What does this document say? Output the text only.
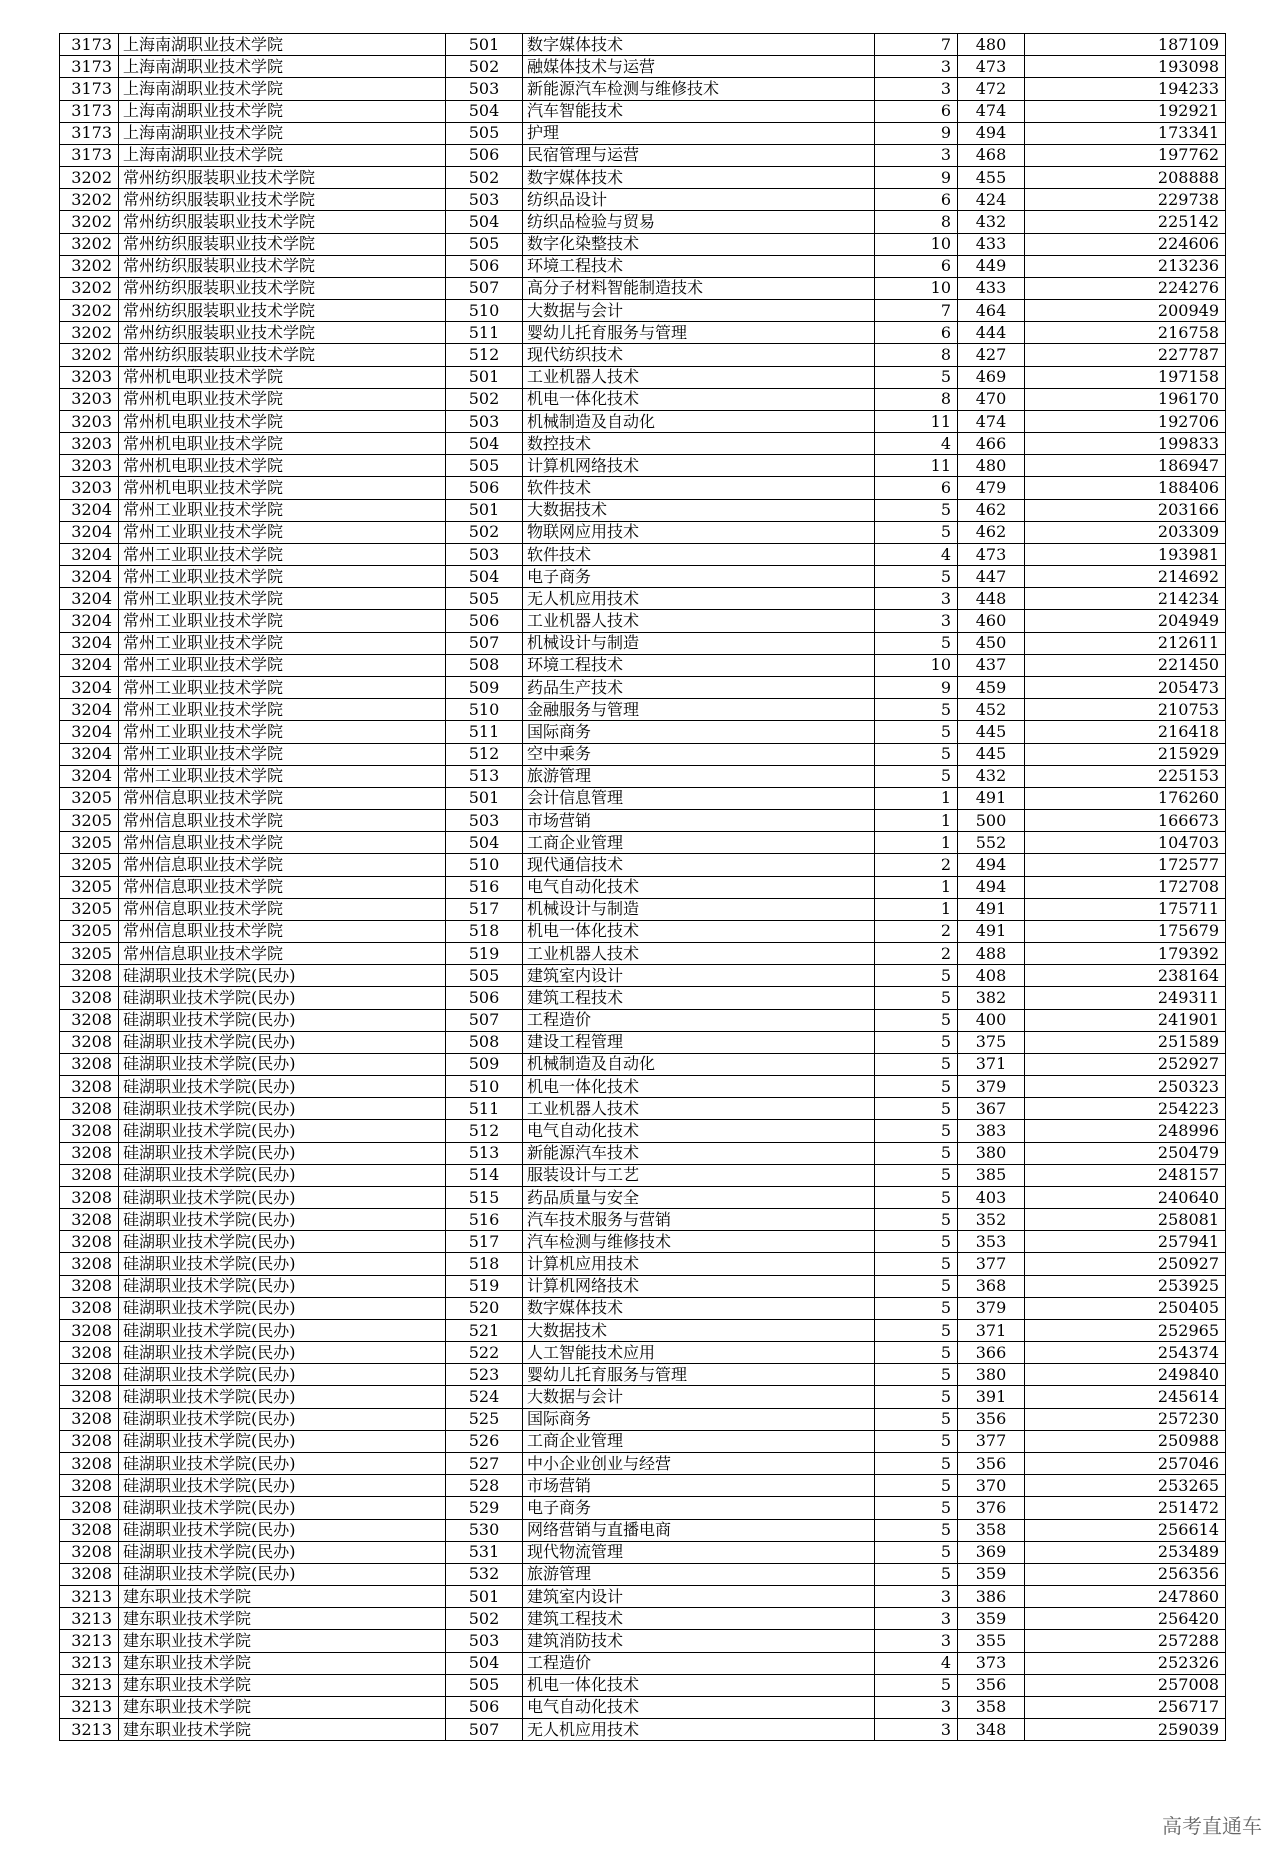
3173	上海南湖职业技术学院	501	数字媒体技术	7	480	187109
3173	上海南湖职业技术学院	502	融媒体技术与运营	3	473	193098
3173	上海南湖职业技术学院	503	新能源汽车检测与维修技术	3	472	194233
3173	上海南湖职业技术学院	504	汽车智能技术	6	474	192921
3173	上海南湖职业技术学院	505	护理	9	494	173341
3173	上海南湖职业技术学院	506	民宿管理与运营	3	468	197762
3202	常州纺织服装职业技术学院	502	数字媒体技术	9	455	208888
3202	常州纺织服装职业技术学院	503	纺织品设计	6	424	229738
3202	常州纺织服装职业技术学院	504	纺织品检验与贸易	8	432	225142
3202	常州纺织服装职业技术学院	505	数字化染整技术	10	433	224606
3202	常州纺织服装职业技术学院	506	环境工程技术	6	449	213236
3202	常州纺织服装职业技术学院	507	高分子材料智能制造技术	10	433	224276
3202	常州纺织服装职业技术学院	510	大数据与会计	7	464	200949
3202	常州纺织服装职业技术学院	511	婴幼儿托育服务与管理	6	444	216758
3202	常州纺织服装职业技术学院	512	现代纺织技术	8	427	227787
3203	常州机电职业技术学院	501	工业机器人技术	5	469	197158
3203	常州机电职业技术学院	502	机电一体化技术	8	470	196170
3203	常州机电职业技术学院	503	机械制造及自动化	11	474	192706
3203	常州机电职业技术学院	504	数控技术	4	466	199833
3203	常州机电职业技术学院	505	计算机网络技术	11	480	186947
3203	常州机电职业技术学院	506	软件技术	6	479	188406
3204	常州工业职业技术学院	501	大数据技术	5	462	203166
3204	常州工业职业技术学院	502	物联网应用技术	5	462	203309
3204	常州工业职业技术学院	503	软件技术	4	473	193981
3204	常州工业职业技术学院	504	电子商务	5	447	214692
3204	常州工业职业技术学院	505	无人机应用技术	3	448	214234
3204	常州工业职业技术学院	506	工业机器人技术	3	460	204949
3204	常州工业职业技术学院	507	机械设计与制造	5	450	212611
3204	常州工业职业技术学院	508	环境工程技术	10	437	221450
3204	常州工业职业技术学院	509	药品生产技术	9	459	205473
3204	常州工业职业技术学院	510	金融服务与管理	5	452	210753
3204	常州工业职业技术学院	511	国际商务	5	445	216418
3204	常州工业职业技术学院	512	空中乘务	5	445	215929
3204	常州工业职业技术学院	513	旅游管理	5	432	225153
3205	常州信息职业技术学院	501	会计信息管理	1	491	176260
3205	常州信息职业技术学院	503	市场营销	1	500	166673
3205	常州信息职业技术学院	504	工商企业管理	1	552	104703
3205	常州信息职业技术学院	510	现代通信技术	2	494	172577
3205	常州信息职业技术学院	516	电气自动化技术	1	494	172708
3205	常州信息职业技术学院	517	机械设计与制造	1	491	175711
3205	常州信息职业技术学院	518	机电一体化技术	2	491	175679
3205	常州信息职业技术学院	519	工业机器人技术	2	488	179392
3208	硅湖职业技术学院(民办)	505	建筑室内设计	5	408	238164
3208	硅湖职业技术学院(民办)	506	建筑工程技术	5	382	249311
3208	硅湖职业技术学院(民办)	507	工程造价	5	400	241901
3208	硅湖职业技术学院(民办)	508	建设工程管理	5	375	251589
3208	硅湖职业技术学院(民办)	509	机械制造及自动化	5	371	252927
3208	硅湖职业技术学院(民办)	510	机电一体化技术	5	379	250323
3208	硅湖职业技术学院(民办)	511	工业机器人技术	5	367	254223
3208	硅湖职业技术学院(民办)	512	电气自动化技术	5	383	248996
3208	硅湖职业技术学院(民办)	513	新能源汽车技术	5	380	250479
3208	硅湖职业技术学院(民办)	514	服装设计与工艺	5	385	248157
3208	硅湖职业技术学院(民办)	515	药品质量与安全	5	403	240640
3208	硅湖职业技术学院(民办)	516	汽车技术服务与营销	5	352	258081
3208	硅湖职业技术学院(民办)	517	汽车检测与维修技术	5	353	257941
3208	硅湖职业技术学院(民办)	518	计算机应用技术	5	377	250927
3208	硅湖职业技术学院(民办)	519	计算机网络技术	5	368	253925
3208	硅湖职业技术学院(民办)	520	数字媒体技术	5	379	250405
3208	硅湖职业技术学院(民办)	521	大数据技术	5	371	252965
3208	硅湖职业技术学院(民办)	522	人工智能技术应用	5	366	254374
3208	硅湖职业技术学院(民办)	523	婴幼儿托育服务与管理	5	380	249840
3208	硅湖职业技术学院(民办)	524	大数据与会计	5	391	245614
3208	硅湖职业技术学院(民办)	525	国际商务	5	356	257230
3208	硅湖职业技术学院(民办)	526	工商企业管理	5	377	250988
3208	硅湖职业技术学院(民办)	527	中小企业创业与经营	5	356	257046
3208	硅湖职业技术学院(民办)	528	市场营销	5	370	253265
3208	硅湖职业技术学院(民办)	529	电子商务	5	376	251472
3208	硅湖职业技术学院(民办)	530	网络营销与直播电商	5	358	256614
3208	硅湖职业技术学院(民办)	531	现代物流管理	5	369	253489
3208	硅湖职业技术学院(民办)	532	旅游管理	5	359	256356
3213	建东职业技术学院	501	建筑室内设计	3	386	247860
3213	建东职业技术学院	502	建筑工程技术	3	359	256420
3213	建东职业技术学院	503	建筑消防技术	3	355	257288
3213	建东职业技术学院	504	工程造价	4	373	252326
3213	建东职业技术学院	505	机电一体化技术	5	356	257008
3213	建东职业技术学院	506	电气自动化技术	3	358	256717
3213	建东职业技术学院	507	无人机应用技术	3	348	259039
高考直通车
